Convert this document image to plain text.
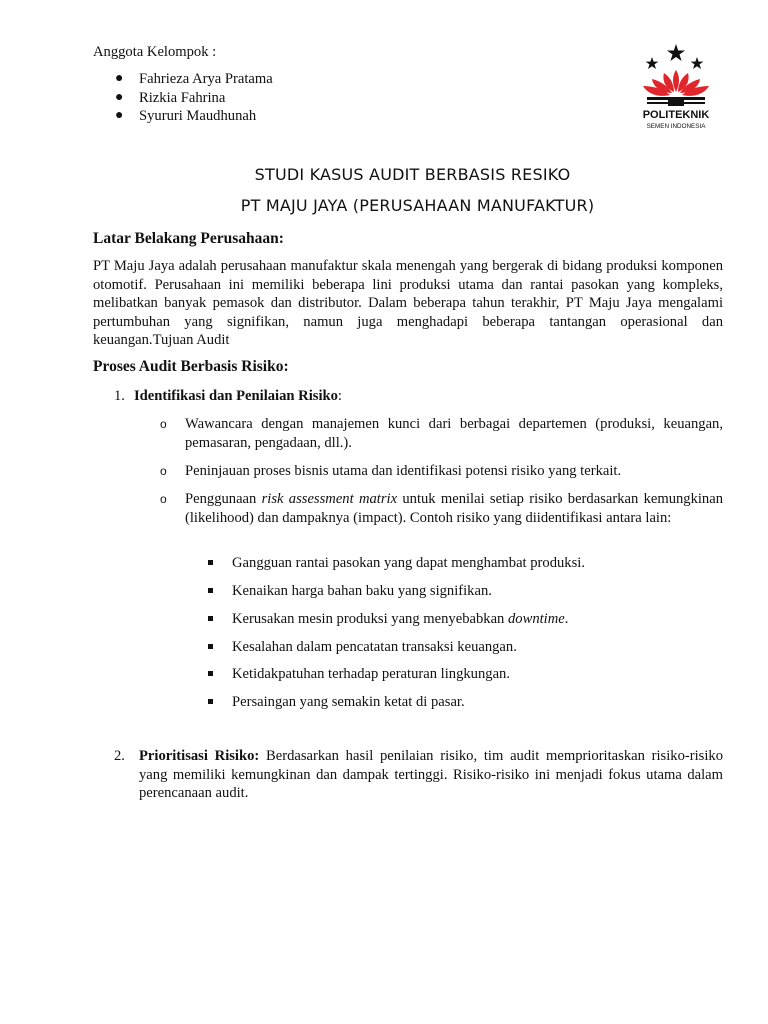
Anggota Kelompok :
● Fahrieza Arya Pratama
● Rizkia Fahrina
● Syururi Maudhunah	POLITEKNIK
SEMEN INDONESIA
STUDI KASUS AUDIT BERBASIS RESIKO
PT MAJU JAYA (PERUSAHAAN MANUFAKTUR)
Latar Belakang Perusahaan:
PT Maju Jaya adalah perusahaan manufaktur skala menengah yang bergerak di bidang produksi komponen otomotif. Perusahaan ini memiliki beberapa lini produksi utama dan rantai pasokan yang kompleks, melibatkan banyak pemasok dan distributor. Dalam beberapa tahun terakhir, PT Maju Jaya mengalami pertumbuhan yang signifikan, namun juga menghadapi beberapa tantangan operasional dan keuangan.Tujuan Audit
Proses Audit Berbasis Risiko:
1. Identifikasi dan Penilaian Risiko:
o Wawancara dengan manajemen kunci dari berbagai departemen (produksi, keuangan, pemasaran, pengadaan, dll.).
o Peninjauan proses bisnis utama dan identifikasi potensi risiko yang terkait.
o Penggunaan risk assessment matrix untuk menilai setiap risiko berdasarkan kemungkinan (likelihood) dan dampaknya (impact). Contoh risiko yang diidentifikasi antara lain:
Gangguan rantai pasokan yang dapat menghambat produksi.
Kenaikan harga bahan baku yang signifikan.
Kerusakan mesin produksi yang menyebabkan downtime.
Kesalahan dalam pencatatan transaksi keuangan.
Ketidakpatuhan terhadap peraturan lingkungan.
Persaingan yang semakin ketat di pasar.
2. Prioritisasi Risiko: Berdasarkan hasil penilaian risiko, tim audit memprioritaskan risiko-risiko yang memiliki kemungkinan dan dampak tertinggi. Risiko-risiko ini menjadi fokus utama dalam perencanaan audit.
